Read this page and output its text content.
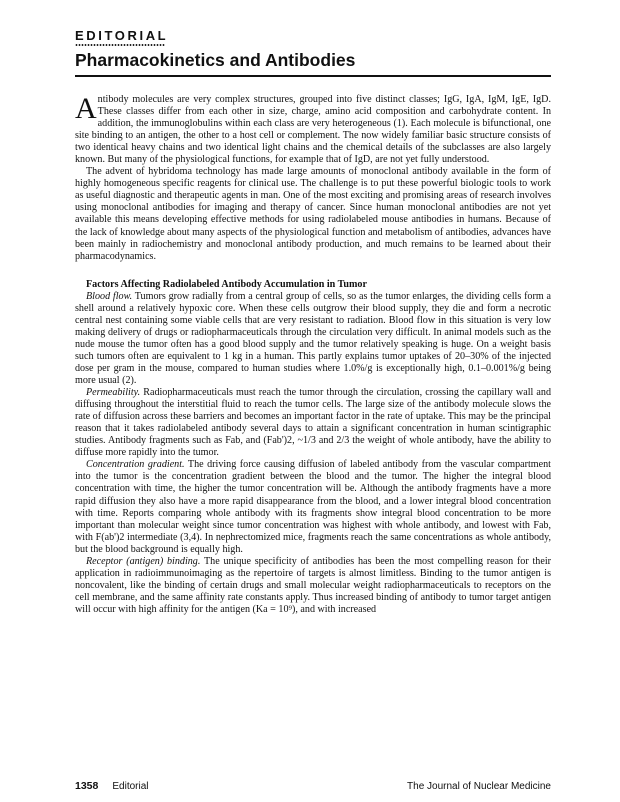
EDITORIAL
Pharmacokinetics and Antibodies

Antibody molecules are very complex structures, grouped into five distinct classes; IgG, IgA, IgM, IgE, IgD. These classes differ from each other in size, charge, amino acid composition and carbohydrate content. In addition, the immunoglobulins within each class are very heterogeneous (1). Each molecule is bifunctional, one site binding to an antigen, the other to a host cell or complement. The now widely familiar basic structure consists of two identical heavy chains and two identical light chains and the chemical details of the subclasses are also largely known. But many of the physiological functions, for example that of IgD, are not yet fully understood.

The advent of hybridoma technology has made large amounts of monoclonal antibody available in the form of highly homogeneous specific reagents for clinical use. The challenge is to put these powerful biologic tools to work as useful diagnostic and therapeutic agents in man. One of the most exciting and promising areas of research involves using monoclonal antibodies for imaging and therapy of cancer. Since human monoclonal antibodies are not yet available this means developing effective methods for using radiolabeled mouse antibodies in humans. Because of the lack of knowledge about many aspects of the physiological function and metabolism of antibodies, advances have been mainly in radiochemistry and monoclonal antibody production, and much remains to be learned about their pharmacodynamics.

Factors Affecting Radiolabeled Antibody Accumulation in Tumor

Blood flow. Tumors grow radially from a central group of cells, so as the tumor enlarges, the dividing cells form a shell around a relatively hypoxic core. When these cells outgrow their blood supply, they die and form a necrotic central nest containing some viable cells that are very resistant to radiation. Blood flow in this situation is very low making delivery of drugs or radiopharmaceuticals through the circulation very difficult. In animal models such as the nude mouse the tumor often has a good blood supply and the tumor relatively speaking is huge. On a weight basis such tumors often are equivalent to 1 kg in a human. This partly explains tumor uptakes of 20–30% of the injected dose per gram in the mouse, compared to human studies where 1.0%/g is exceptionally high, 0.1–0.001%/g being more usual (2).

Permeability. Radiopharmaceuticals must reach the tumor through the circulation, crossing the capillary wall and diffusing throughout the interstitial fluid to reach the tumor cells. The large size of the antibody molecule slows the rate of diffusion across these barriers and becomes an important factor in the rate of uptake. This may be the principal reason that it takes radiolabeled antibody several days to attain a significant concentration in human scintigraphic studies. Antibody fragments such as Fab, and (Fab')2, ~1/3 and 2/3 the weight of whole antibody, have the ability to diffuse more rapidly into the tumor.

Concentration gradient. The driving force causing diffusion of labeled antibody from the vascular compartment into the tumor is the concentration gradient between the blood and the tumor. The higher the integral blood concentration with time, the higher the tumor concentration will be. Although the antibody fragments have a more rapid diffusion they also have a more rapid disappearance from the blood, and a lower integral blood concentration with time. Reports comparing whole antibody with its fragments show integral blood concentration to be more important than molecular weight since tumor concentration was highest with whole antibody, and lowest with Fab, with F(ab')2 intermediate (3,4). In nephrectomized mice, fragments reach the same concentrations as whole antibody, but the blood background is equally high.

Receptor (antigen) binding. The unique specificity of antibodies has been the most compelling reason for their application in radioimmunoimaging as the repertoire of targets is almost limitless. Binding to the tumor antigen is noncovalent, like the binding of certain drugs and small molecular weight radiopharmaceuticals to receptors on the cell membrane, and the same affinity rate constants apply. Thus increased binding of antibody to tumor target antigen will occur with high affinity for the antigen (Ka = 10⁹), and with increased

1358 Editorial	The Journal of Nuclear Medicine
